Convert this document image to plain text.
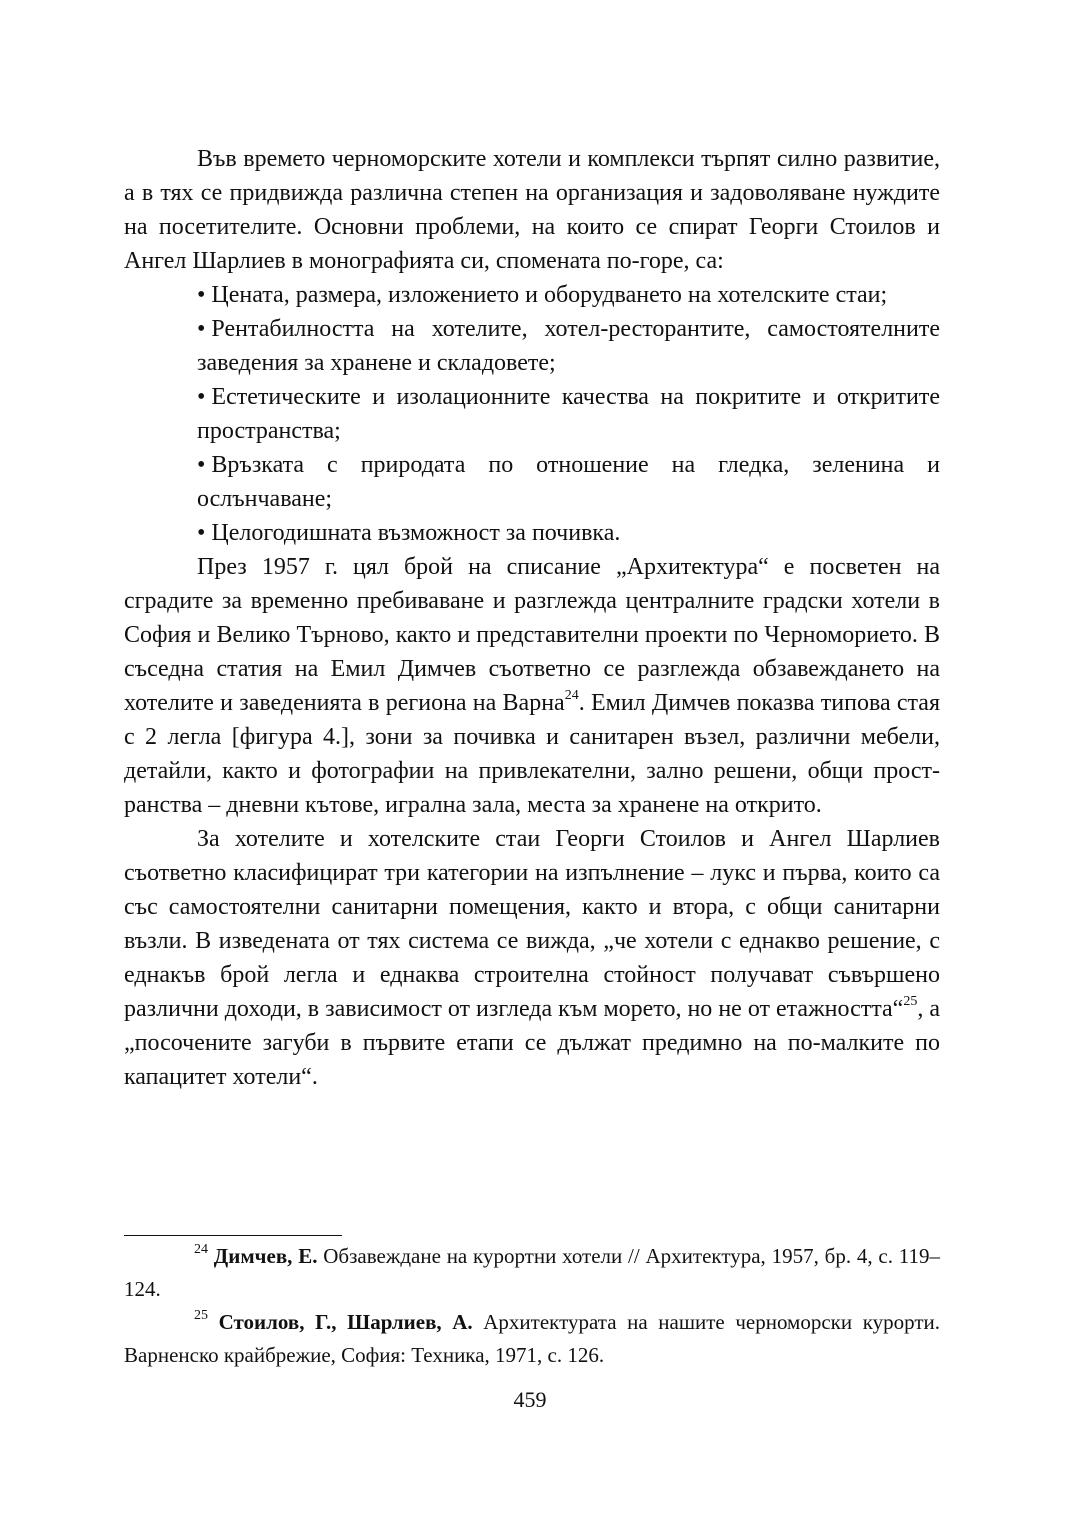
Във времето черноморските хотели и комплекси търпят силно развитие, а в тях се придвижда различна степен на организация и задоволяване нуждите на посетителите. Основни проблеми, на които се спират Георги Стоилов и Ангел Шарлиев в монографията си, споменатa по-горе, са:

• Цената, размера, изложението и оборудването на хотелските стаи;
• Рентабилността на хотелите, хотел-ресторантите, самостоятелните заведения за хранене и складовете;
• Естетическите и изолационните качества на покритите и откритите пространства;
• Връзката с природата по отношение на гледка, зеленина и ослънчаване;
• Целогодишната възможност за почивка.

През 1957 г. цял брой на списание „Архитектура“ е посветен на сградите за временно пребиваване и разглежда централните градски хотели в София и Велико Търново, както и представителни проекти по Черноморието. В съседна статия на Емил Димчев съответно се разглежда обзавеждането на хотелите и заведенията в региона на Варна$^{24}$. Емил Димчев показва типова стая с 2 легла [фигура 4.], зони за почивка и санитарен възел, различни мебели, детайли, както и фотографии на привлекателни, залнo решени, общи пространства – дневни кътове, игрална зала, места за хранене на открито.

За хотелите и хотелските стаи Георги Стоилов и Ангел Шарлиев съответно класифицират три категории на изпълнение – лукс и първа, които са със самостоятелни санитарни помещения, както и втора, с общи санитарни възли. В изведената от тях система се вижда, „че хотели с еднакво решение, с еднакъв брой легла и еднаква строителна стойност получават съвършено различни доходи, в зависимост от изгледа към морето, но не от етажността“$^{25}$, а „посочените загуби в първите етапи се дължат предимно на по-малките по капацитет хотели“.

$^{24}$ Димчев, Е. Обзавеждане на курортни хотели // Архитектура, 1957, бр. 4, с. 119–124.

$^{25}$ Стоилов, Г., Шарлиев, А. Архитектурата на нашите черноморски курорти. Варненско крайбрежие, София: Техника, 1971, с. 126.

459
